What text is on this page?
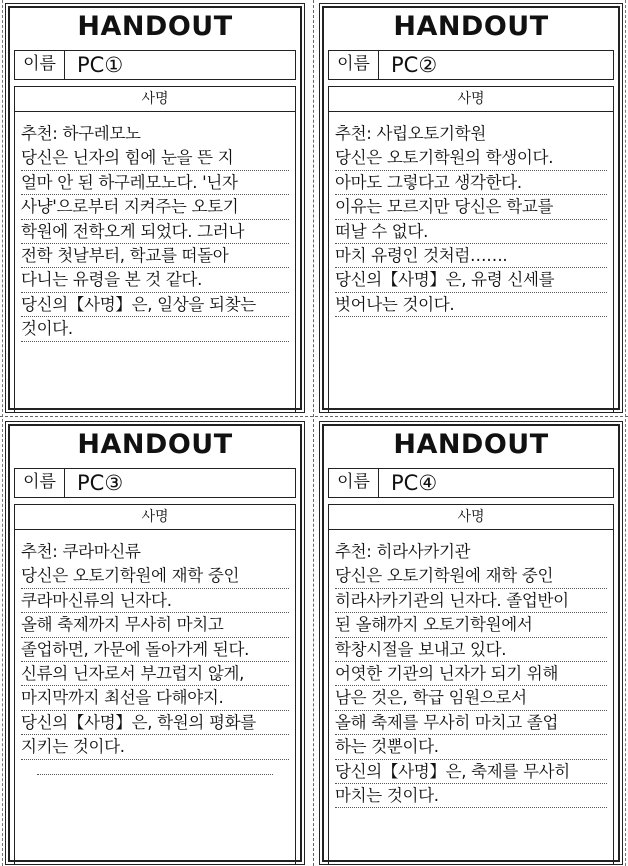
HANDOUT
이름	PC①
사명
추천: 하구레모노
당신은 닌자의 힘에 눈을 뜬 지
얼마 안 된 하구레모노다. '닌자
사냥'으로부터 지켜주는 오토기
학원에 전학오게 되었다. 그러나
전학 첫날부터, 학교를 떠돌아
다니는 유령을 본 것 같다.
당신의【사명】은, 일상을 되찾는
것이다.
HANDOUT
이름	PC②
사명
추천: 사립오토기학원
당신은 오토기학원의 학생이다.
아마도 그렇다고 생각한다.
이유는 모르지만 당신은 학교를
떠날 수 없다.
마치 유령인 것처럼…….
당신의【사명】은, 유령 신세를
벗어나는 것이다.
HANDOUT
이름	PC③
사명
추천: 쿠라마신류
당신은 오토기학원에 재학 중인
쿠라마신류의 닌자다.
올해 축제까지 무사히 마치고
졸업하면, 가문에 돌아가게 된다.
신류의 닌자로서 부끄럽지 않게,
마지막까지 최선을 다해야지.
당신의【사명】은, 학원의 평화를
지키는 것이다.
HANDOUT
이름	PC④
사명
추천: 히라사카기관
당신은 오토기학원에 재학 중인
히라사카기관의 닌자다. 졸업반이
된 올해까지 오토기학원에서
학창시절을 보내고 있다.
어엿한 기관의 닌자가 되기 위해
남은 것은, 학급 임원으로서
올해 축제를 무사히 마치고 졸업
하는 것뿐이다.
당신의【사명】은, 축제를 무사히
마치는 것이다.
